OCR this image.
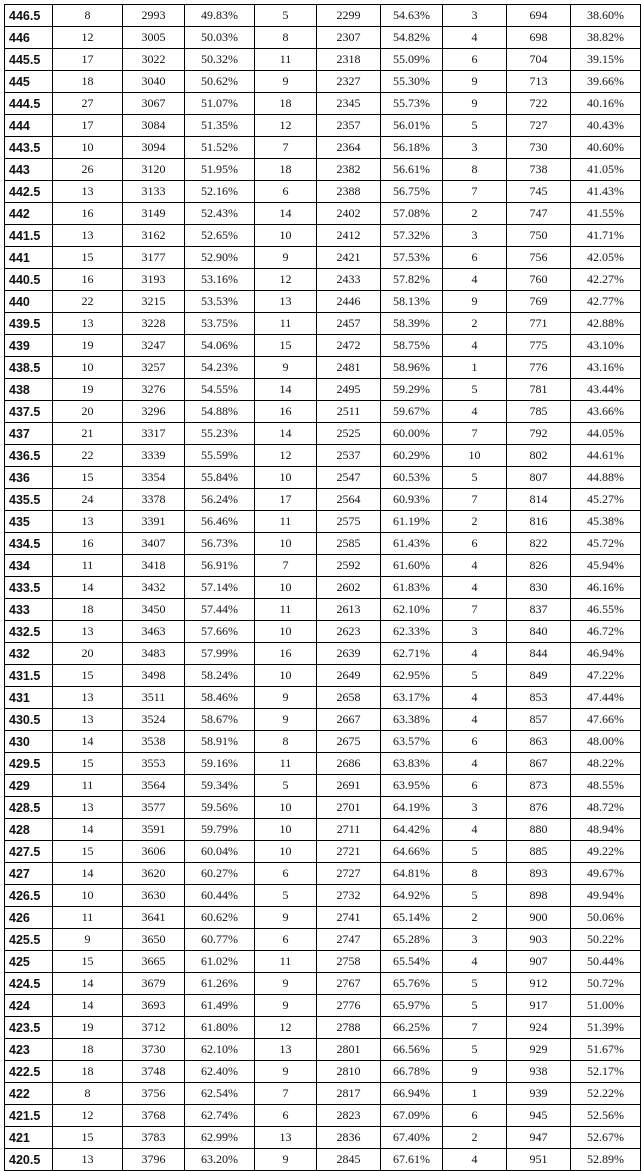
446.5	8	2993	49.83%	5	2299	54.63%	3	694	38.60%
446	12	3005	50.03%	8	2307	54.82%	4	698	38.82%
445.5	17	3022	50.32%	11	2318	55.09%	6	704	39.15%
445	18	3040	50.62%	9	2327	55.30%	9	713	39.66%
444.5	27	3067	51.07%	18	2345	55.73%	9	722	40.16%
444	17	3084	51.35%	12	2357	56.01%	5	727	40.43%
443.5	10	3094	51.52%	7	2364	56.18%	3	730	40.60%
443	26	3120	51.95%	18	2382	56.61%	8	738	41.05%
442.5	13	3133	52.16%	6	2388	56.75%	7	745	41.43%
442	16	3149	52.43%	14	2402	57.08%	2	747	41.55%
441.5	13	3162	52.65%	10	2412	57.32%	3	750	41.71%
441	15	3177	52.90%	9	2421	57.53%	6	756	42.05%
440.5	16	3193	53.16%	12	2433	57.82%	4	760	42.27%
440	22	3215	53.53%	13	2446	58.13%	9	769	42.77%
439.5	13	3228	53.75%	11	2457	58.39%	2	771	42.88%
439	19	3247	54.06%	15	2472	58.75%	4	775	43.10%
438.5	10	3257	54.23%	9	2481	58.96%	1	776	43.16%
438	19	3276	54.55%	14	2495	59.29%	5	781	43.44%
437.5	20	3296	54.88%	16	2511	59.67%	4	785	43.66%
437	21	3317	55.23%	14	2525	60.00%	7	792	44.05%
436.5	22	3339	55.59%	12	2537	60.29%	10	802	44.61%
436	15	3354	55.84%	10	2547	60.53%	5	807	44.88%
435.5	24	3378	56.24%	17	2564	60.93%	7	814	45.27%
435	13	3391	56.46%	11	2575	61.19%	2	816	45.38%
434.5	16	3407	56.73%	10	2585	61.43%	6	822	45.72%
434	11	3418	56.91%	7	2592	61.60%	4	826	45.94%
433.5	14	3432	57.14%	10	2602	61.83%	4	830	46.16%
433	18	3450	57.44%	11	2613	62.10%	7	837	46.55%
432.5	13	3463	57.66%	10	2623	62.33%	3	840	46.72%
432	20	3483	57.99%	16	2639	62.71%	4	844	46.94%
431.5	15	3498	58.24%	10	2649	62.95%	5	849	47.22%
431	13	3511	58.46%	9	2658	63.17%	4	853	47.44%
430.5	13	3524	58.67%	9	2667	63.38%	4	857	47.66%
430	14	3538	58.91%	8	2675	63.57%	6	863	48.00%
429.5	15	3553	59.16%	11	2686	63.83%	4	867	48.22%
429	11	3564	59.34%	5	2691	63.95%	6	873	48.55%
428.5	13	3577	59.56%	10	2701	64.19%	3	876	48.72%
428	14	3591	59.79%	10	2711	64.42%	4	880	48.94%
427.5	15	3606	60.04%	10	2721	64.66%	5	885	49.22%
427	14	3620	60.27%	6	2727	64.81%	8	893	49.67%
426.5	10	3630	60.44%	5	2732	64.92%	5	898	49.94%
426	11	3641	60.62%	9	2741	65.14%	2	900	50.06%
425.5	9	3650	60.77%	6	2747	65.28%	3	903	50.22%
425	15	3665	61.02%	11	2758	65.54%	4	907	50.44%
424.5	14	3679	61.26%	9	2767	65.76%	5	912	50.72%
424	14	3693	61.49%	9	2776	65.97%	5	917	51.00%
423.5	19	3712	61.80%	12	2788	66.25%	7	924	51.39%
423	18	3730	62.10%	13	2801	66.56%	5	929	51.67%
422.5	18	3748	62.40%	9	2810	66.78%	9	938	52.17%
422	8	3756	62.54%	7	2817	66.94%	1	939	52.22%
421.5	12	3768	62.74%	6	2823	67.09%	6	945	52.56%
421	15	3783	62.99%	13	2836	67.40%	2	947	52.67%
420.5	13	3796	63.20%	9	2845	67.61%	4	951	52.89%
